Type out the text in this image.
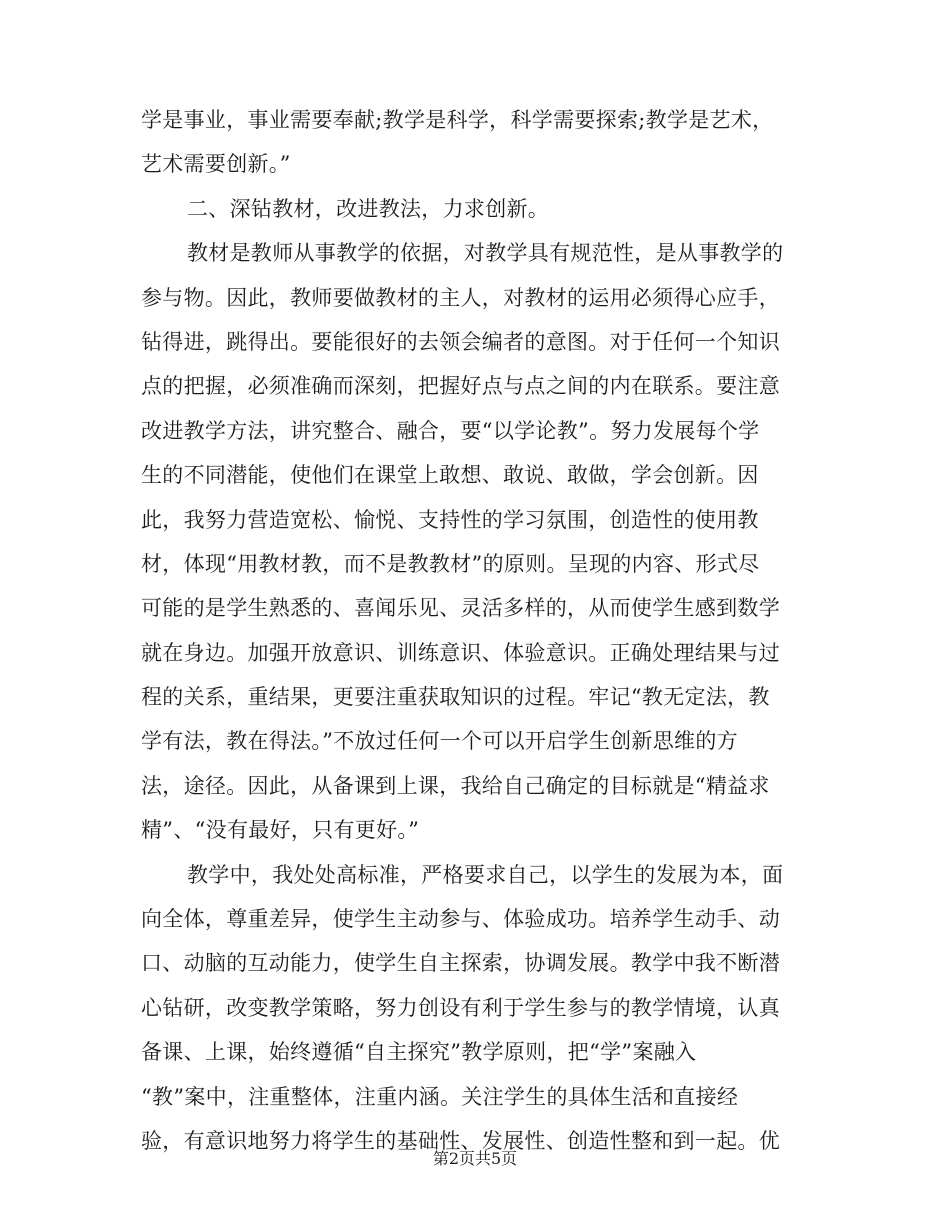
学是事业，事业需要奉献;教学是科学，科学需要探索;教学是艺术，
艺术需要创新。”
二、深钻教材，改进教法，力求创新。
教材是教师从事教学的依据，对教学具有规范性，是从事教学的
参与物。因此，教师要做教材的主人，对教材的运用必须得心应手，
钻得进，跳得出。要能很好的去领会编者的意图。对于任何一个知识
点的把握，必须准确而深刻，把握好点与点之间的内在联系。要注意
改进教学方法，讲究整合、融合，要“以学论教”。努力发展每个学
生的不同潜能，使他们在课堂上敢想、敢说、敢做，学会创新。因
此，我努力营造宽松、愉悦、支持性的学习氛围，创造性的使用教
材，体现“用教材教，而不是教教材”的原则。呈现的内容、形式尽
可能的是学生熟悉的、喜闻乐见、灵活多样的，从而使学生感到数学
就在身边。加强开放意识、训练意识、体验意识。正确处理结果与过
程的关系，重结果，更要注重获取知识的过程。牢记“教无定法，教
学有法，教在得法。”不放过任何一个可以开启学生创新思维的方
法，途径。因此，从备课到上课，我给自己确定的目标就是“精益求
精”、“没有最好，只有更好。”
教学中，我处处高标准，严格要求自己，以学生的发展为本，面
向全体，尊重差异，使学生主动参与、体验成功。培养学生动手、动
口、动脑的互动能力，使学生自主探索，协调发展。教学中我不断潜
心钻研，改变教学策略，努力创设有利于学生参与的教学情境，认真
备课、上课，始终遵循“自主探究”教学原则，把“学”案融入
“教”案中，注重整体，注重内涵。关注学生的具体生活和直接经
验，有意识地努力将学生的基础性、发展性、创造性整和到一起。优
第2页共5页
